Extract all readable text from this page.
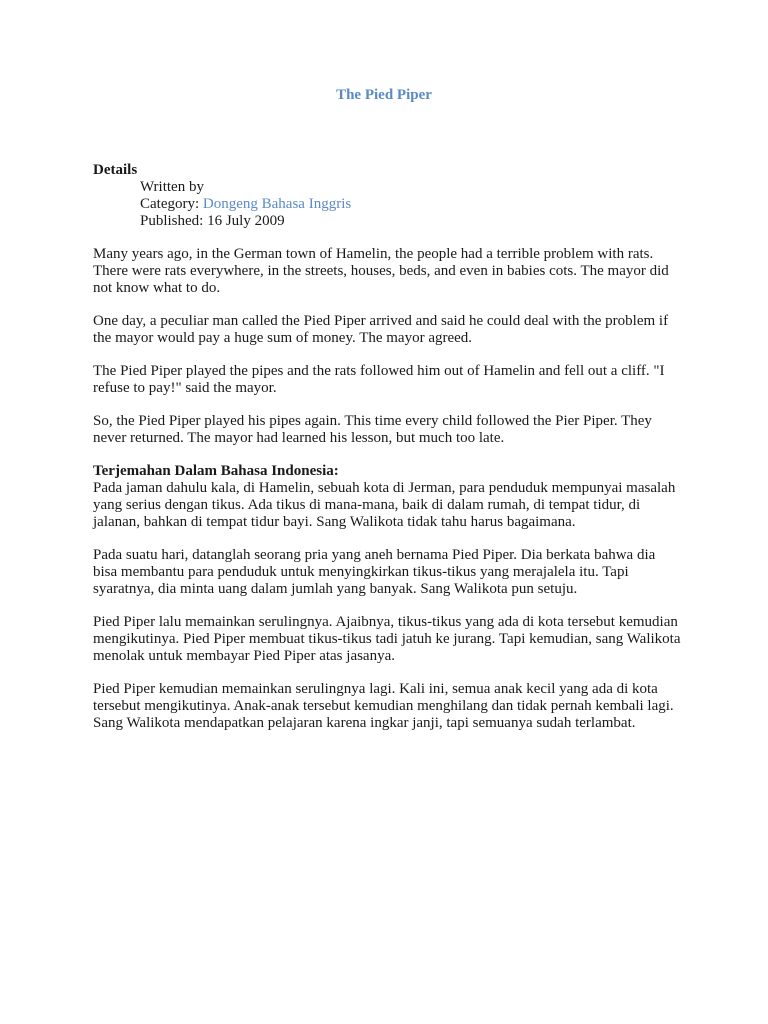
The Pied Piper

Details

Written by
Category: Dongeng Bahasa Inggris
Published: 16 July 2009

Many years ago, in the German town of Hamelin, the people had a terrible problem with rats. There were rats everywhere, in the streets, houses, beds, and even in babies cots. The mayor did not know what to do.

One day, a peculiar man called the Pied Piper arrived and said he could deal with the problem if the mayor would pay a huge sum of money. The mayor agreed.

The Pied Piper played the pipes and the rats followed him out of Hamelin and fell out a cliff. "I refuse to pay!" said the mayor.

So, the Pied Piper played his pipes again. This time every child followed the Pier Piper. They never returned. The mayor had learned his lesson, but much too late.

Terjemahan Dalam Bahasa Indonesia:

Pada jaman dahulu kala, di Hamelin, sebuah kota di Jerman, para penduduk mempunyai masalah yang serius dengan tikus. Ada tikus di mana-mana, baik di dalam rumah, di tempat tidur, di jalanan, bahkan di tempat tidur bayi. Sang Walikota tidak tahu harus bagaimana.

Pada suatu hari, datanglah seorang pria yang aneh bernama Pied Piper. Dia berkata bahwa dia bisa membantu para penduduk untuk menyingkirkan tikus-tikus yang merajalela itu. Tapi syaratnya, dia minta uang dalam jumlah yang banyak. Sang Walikota pun setuju.

Pied Piper lalu memainkan serulingnya. Ajaibnya, tikus-tikus yang ada di kota tersebut kemudian mengikutinya. Pied Piper membuat tikus-tikus tadi jatuh ke jurang. Tapi kemudian, sang Walikota menolak untuk membayar Pied Piper atas jasanya.

Pied Piper kemudian memainkan serulingnya lagi. Kali ini, semua anak kecil yang ada di kota tersebut mengikutinya. Anak-anak tersebut kemudian menghilang dan tidak pernah kembali lagi. Sang Walikota mendapatkan pelajaran karena ingkar janji, tapi semuanya sudah terlambat.
